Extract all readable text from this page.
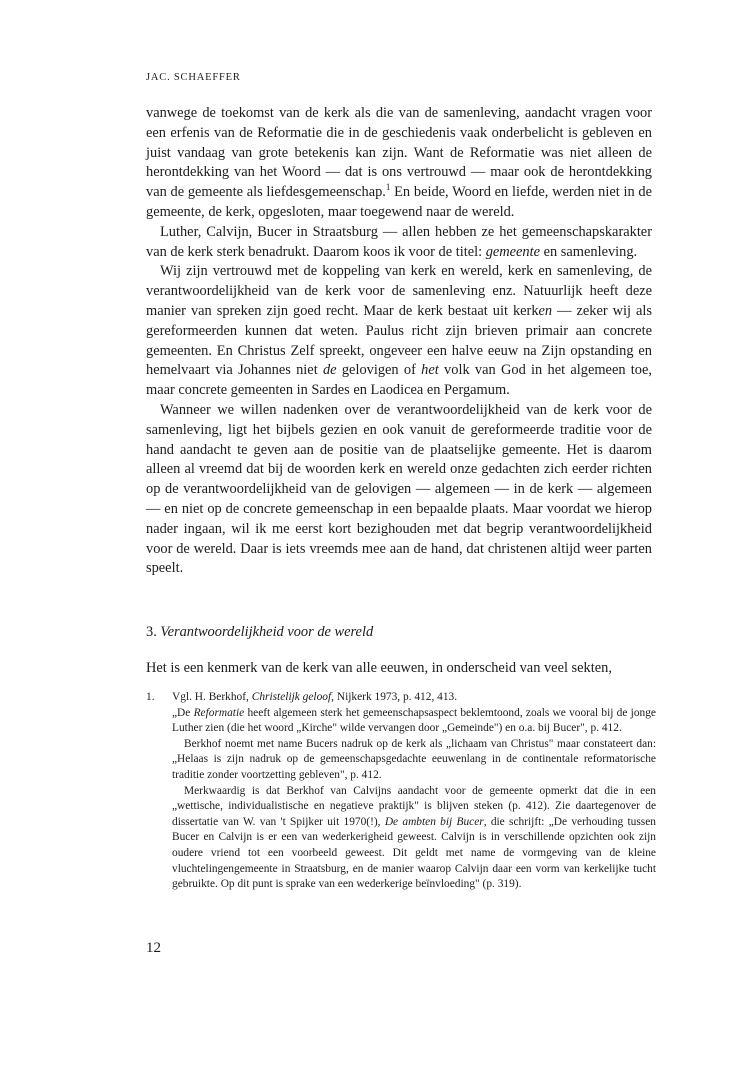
JAC. SCHAEFFER

vanwege de toekomst van de kerk als die van de samenleving, aandacht vragen voor een erfenis van de Reformatie die in de geschiedenis vaak onderbelicht is gebleven en juist vandaag van grote betekenis kan zijn. Want de Reformatie was niet alleen de herontdekking van het Woord — dat is ons vertrouwd — maar ook de herontdekking van de gemeente als liefdesgemeenschap.$^1$ En beide, Woord en liefde, werden niet in de gemeente, de kerk, opgesloten, maar toegewend naar de wereld.

Luther, Calvijn, Bucer in Straatsburg — allen hebben ze het gemeenschapskarakter van de kerk sterk benadrukt. Daarom koos ik voor de titel: gemeente en samenleving.

Wij zijn vertrouwd met de koppeling van kerk en wereld, kerk en samenleving, de verantwoordelijkheid van de kerk voor de samenleving enz. Natuurlijk heeft deze manier van spreken zijn goed recht. Maar de kerk bestaat uit kerken — zeker wij als gereformeerden kunnen dat weten. Paulus richt zijn brieven primair aan concrete gemeenten. En Christus Zelf spreekt, ongeveer een halve eeuw na Zijn opstanding en hemelvaart via Johannes niet de gelovigen of het volk van God in het algemeen toe, maar concrete gemeenten in Sardes en Laodicea en Pergamum.

Wanneer we willen nadenken over de verantwoordelijkheid van de kerk voor de samenleving, ligt het bijbels gezien en ook vanuit de gereformeerde traditie voor de hand aandacht te geven aan de positie van de plaatselijke gemeente. Het is daarom alleen al vreemd dat bij de woorden kerk en wereld onze gedachten zich eerder richten op de verantwoordelijkheid van de gelovigen — algemeen — in de kerk — algemeen — en niet op de concrete gemeenschap in een bepaalde plaats. Maar voordat we hierop nader ingaan, wil ik me eerst kort bezighouden met dat begrip verantwoordelijkheid voor de wereld. Daar is iets vreemds mee aan de hand, dat christenen altijd weer parten speelt.

3. Verantwoordelijkheid voor de wereld
Het is een kenmerk van de kerk van alle eeuwen, in onderscheid van veel sekten,
1. Vgl. H. Berkhof, Christelijk geloof, Nijkerk 1973, p. 412, 413.

„De Reformatie heeft algemeen sterk het gemeenschapsaspect beklemtoond, zoals we vooral bij de jonge Luther zien (die het woord „Kirche" wilde vervangen door „Gemeinde") en o.a. bij Bucer", p. 412.

Berkhof noemt met name Bucers nadruk op de kerk als „lichaam van Christus" maar constateert dan: „Helaas is zijn nadruk op de gemeenschapsgedachte eeuwenlang in de continentale reformatorische traditie zonder voortzetting gebleven", p. 412.

Merkwaardig is dat Berkhof van Calvijns aandacht voor de gemeente opmerkt dat die in een „wettische, individualistische en negatieve praktijk" is blijven steken (p. 412). Zie daartegenover de dissertatie van W. van 't Spijker uit 1970(!), De ambten bij Bucer, die schrijft: „De verhouding tussen Bucer en Calvijn is er een van wederkerigheid geweest. Calvijn is in verschillende opzichten ook zijn oudere vriend tot een voorbeeld geweest. Dit geldt met name de vormgeving van de kleine vluchtelingengemeente in Straatsburg, en de manier waarop Calvijn daar een vorm van kerkelijke tucht gebruikte. Op dit punt is sprake van een wederkerige beïnvloeding" (p. 319).

12
